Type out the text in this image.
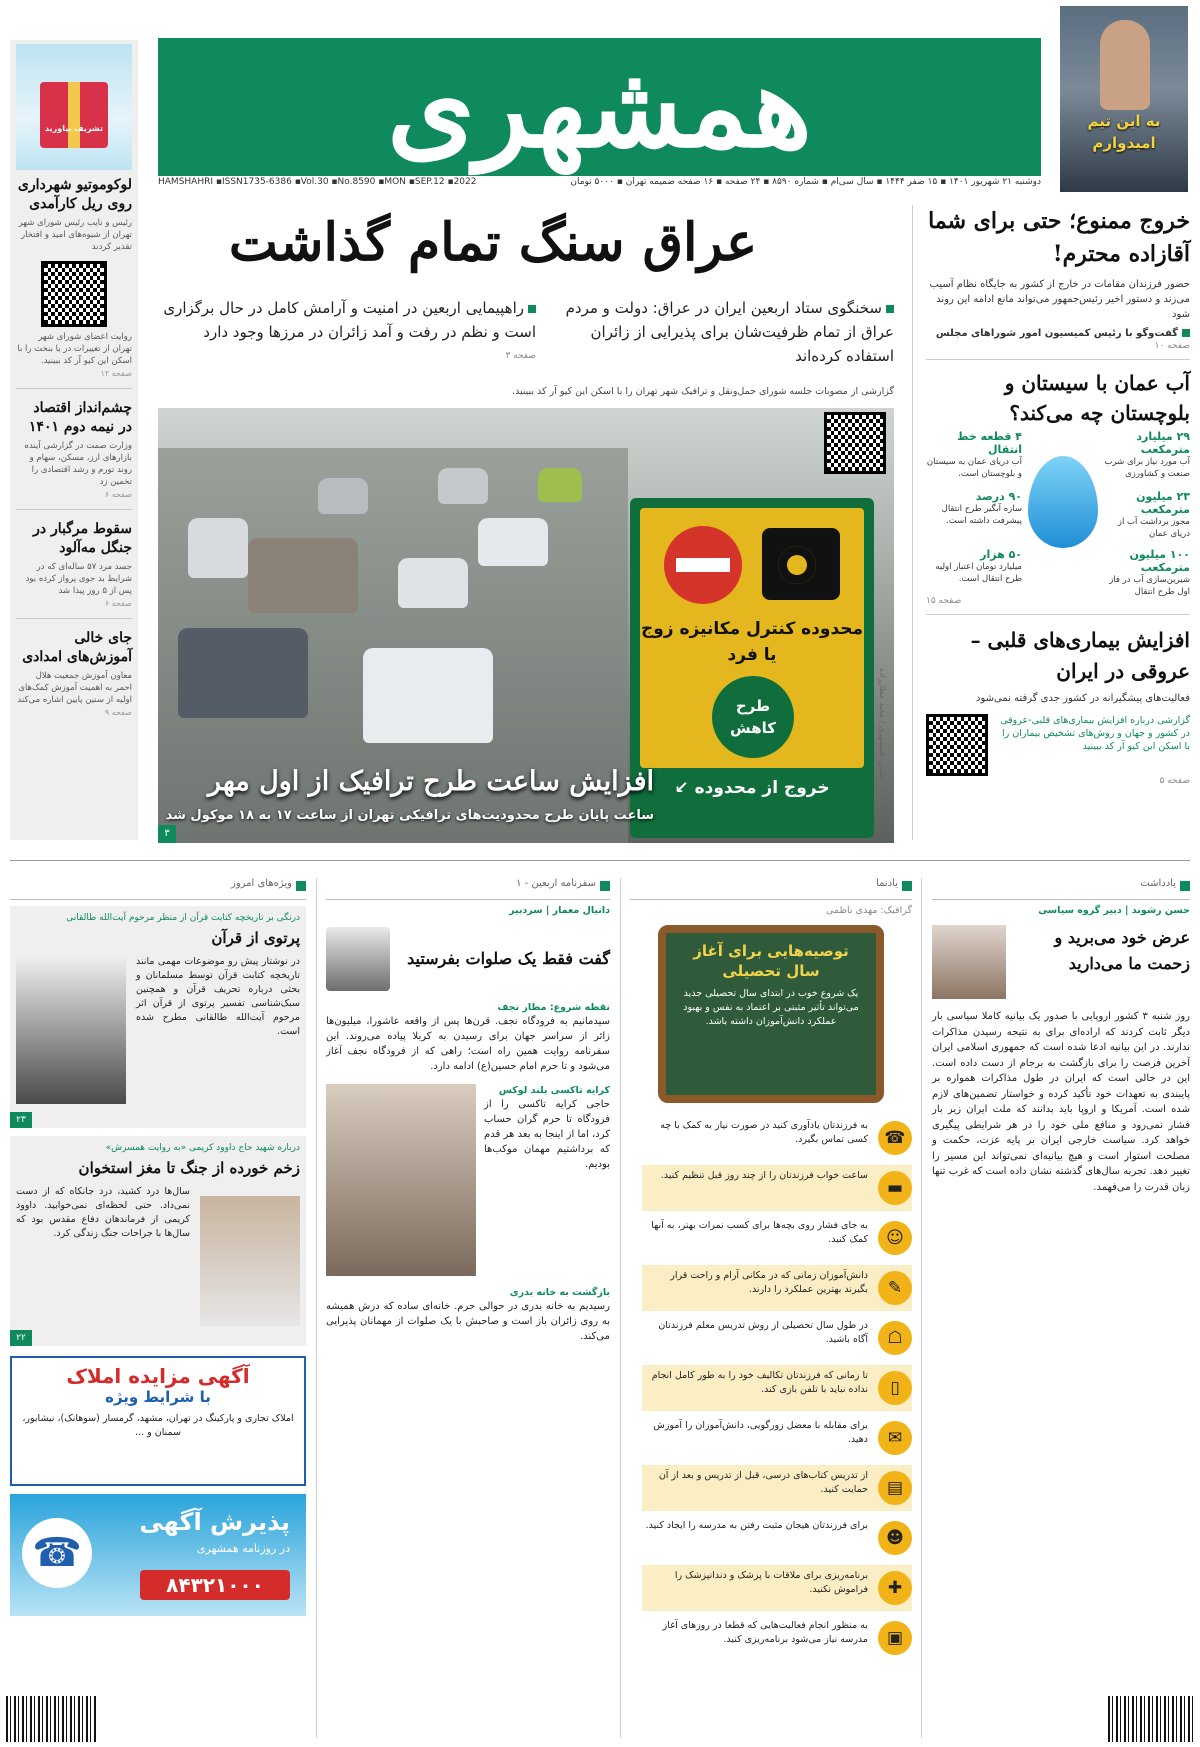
به این تیم امیدوارم
همشهری
HAMSHAHRI ▪ISSN1735-6386 ▪Vol.30 ▪No.8590 ▪MON ▪SEP.12 ▪2022	دوشنبه ۲۱ شهریور ۱۴۰۱ ▪ ۱۵ صفر ۱۴۴۴ ▪ سال سی‌ام ▪ شماره ۸۵۹۰ ▪ ۲۴ صفحه ▪ ۱۶ صفحه ضمیمه تهران ▪ ۵۰۰۰ تومان
تشریف بیاورید
لوکوموتیو شهرداری روی ریل کارآمدی
رئیس و نایب رئیس شورای شهر تهران از شیوه‌های امید و افتخار تقدیر کردند
روایت اعضای شورای شهر تهران از تغییرات در یا بنخت را با اسکن این کیو آر کد ببینید.
صفحه ۱۲
چشم‌انداز اقتصاد در نیمه دوم ۱۴۰۱
وزارت صمت در گزارشی آینده بازارهای ارز، مسکن، سهام و روند تورم و رشد اقتصادی را تخمین زد
صفحه ۶
سقوط مرگبار در جنگل مه‌آلود
جسد مرد ۵۷ ساله‌ای که در شرایط بد جوی پرواز کرده بود پس از ۵ روز پیدا شد
صفحه ۶
جای خالی آموزش‌های امدادی
معاون آموزش جمعیت هلال احمر به اهمیت آموزش کمک‌های اولیه از سنین پایین اشاره می‌کند
صفحه ۹
خروج ممنوع؛ حتی برای شما آقازاده محترم!
حضور فرزندان مقامات در خارج از کشور به جایگاه نظام آسیب می‌زند و دستور اخیر رئیس‌جمهور می‌تواند مانع ادامه این روند شود
گفت‌وگو با رئیس کمیسیون امور شوراهای مجلس
صفحه ۱۰
آب عمان با سیستان و بلوچستان چه می‌کند؟
۲۹ میلیارد مترمکعب
آب مورد نیاز برای شرب صنعت و کشاورزی
۴ قطعه خط انتقال
آب دریای عمان به سیستان و بلوچستان است.
۲۳ میلیون مترمکعب
مجوز برداشت آب از دریای عمان
۹۰ درصد
سازه آبگیر طرح انتقال پیشرفت داشته است.
۱۰۰ میلیون مترمکعب
شیرین‌سازی آب در فاز اول طرح انتقال
۵۰ هزار
میلیارد تومان اعتبار اولیه طرح انتقال است.
صفحه ۱۵
افزایش بیماری‌های قلبی – عروقی در ایران
فعالیت‌های پیشگیرانه در کشور جدی گرفته نمی‌شود
گزارشی درباره افزایش بیماری‌های قلبی-عروقی در کشور و جهان و روش‌های تشخیص بیماران را با اسکن این کیو آر کد ببینید
صفحه ۵
عراق سنگ تمام گذاشت
سخنگوی ستاد اربعین ایران در عراق: دولت و مردم عراق از تمام ظرفیت‌شان برای پذیرایی از زائران استفاده کرده‌اند
راهپیمایی اربعین در امنیت و آرامش کامل در حال برگزاری است و نظم در رفت و آمد زائران در مرزها وجود دارد
صفحه ۳
گزارشی از مصوبات جلسه شورای حمل‌ونقل و ترافیک شهر تهران را با اسکن این کیو آر کد ببینید.
محدوده کنترل مکانیزه زوج یا فرد
طرح کاهش
خروج از محدوده ↙
افزایش ساعت طرح ترافیک از اول مهر
ساعت پایان طرح محدودیت‌های ترافیکی تهران از ساعت ۱۷ به ۱۸ موکول شد
۳
عکس: همشهری / مجید عطارزاده
یادداشت
حسن رشوند | دبیر گروه سیاسی
عرض خود می‌برید و زحمت ما می‌دارید
روز شنبه ۳ کشور اروپایی با صدور یک بیانیه کاملا سیاسی بار دیگر ثابت کردند که اراده‌ای برای به نتیجه رسیدن مذاکرات ندارند. در این بیانیه ادعا شده است که جمهوری اسلامی ایران آخرین فرصت را برای بازگشت به برجام از دست داده است. این در حالی است که ایران در طول مذاکرات همواره بر پایبندی به تعهدات خود تأکید کرده و خواستار تضمین‌های لازم شده است. آمریکا و اروپا باید بدانند که ملت ایران زیر بار فشار نمی‌رود و منافع ملی خود را در هر شرایطی پیگیری خواهد کرد. سیاست خارجی ایران بر پایه عزت، حکمت و مصلحت استوار است و هیچ بیانیه‌ای نمی‌تواند این مسیر را تغییر دهد. تجربه سال‌های گذشته نشان داده است که غرب تنها زبان قدرت را می‌فهمد.
یادنما
گرافیک: مهدی ناظمی
توصیه‌هایی برای آغاز سال تحصیلی
یک شروع خوب در ابتدای سال تحصیلی جدید می‌تواند تأثیر مثبتی بر اعتماد به نفس و بهبود عملکرد دانش‌آموزان داشته باشد.
☎
به فرزندتان یادآوری کنید در صورت نیاز به کمک با چه کسی تماس بگیرد.
▬
ساعت خواب فرزندتان را از چند روز قبل تنظیم کنید.
☺
به جای فشار روی بچه‌ها برای کسب نمرات بهتر، به آنها کمک کنید.
✎
دانش‌آموزان زمانی که در مکانی آرام و راحت قرار بگیرند بهترین عملکرد را دارند.
☖
در طول سال تحصیلی از روش تدریس معلم فرزندتان آگاه باشید.
▯
تا زمانی که فرزندتان تکالیف خود را به طور کامل انجام نداده نباید با تلفن بازی کند.
✉
برای مقابله با معضل زورگویی، دانش‌آموزان را آموزش دهید.
▤
از تدریس کتاب‌های درسی، قبل از تدریس و بعد از آن حمایت کنید.
☻
برای فرزندتان هیجان مثبت رفتن به مدرسه را ایجاد کنید.
✚
برنامه‌ریزی برای ملاقات با پزشک و دندانپزشک را فراموش نکنید.
▣
به منظور انجام فعالیت‌هایی که قطعا در روزهای آغاز مدرسه نیاز می‌شود برنامه‌ریزی کنید.
سفرنامه اربعین - ۱
دانیال معمار | سردبیر
گفت فقط یک صلوات بفرستید
نقطه شروع: مطار نجف
سیدمانیم به فرودگاه نجف. قرن‌ها پس از واقعه عاشورا، میلیون‌ها زائر از سراسر جهان برای رسیدن به کربلا پیاده می‌روند. این سفرنامه روایت همین راه است؛ راهی که از فرودگاه نجف آغاز می‌شود و تا حرم امام حسین(ع) ادامه دارد.
کرایه تاکسی بلند لوکس
حاجی کرایه تاکسی را از فرودگاه تا حرم گران حساب کرد، اما از اینجا به بعد هر قدم که برداشتیم مهمان موکب‌ها بودیم.
بازگشت به خانه بدری
رسیدیم به خانه بدری در حوالی حرم. خانه‌ای ساده که درش همیشه به روی زائران باز است و صاحبش با یک صلوات از مهمانان پذیرایی می‌کند.
ویژه‌های امروز
درنگی بر تاریخچه کتابت قرآن از منظر مرحوم آیت‌الله طالقانی
پرتوی از قرآن
در نوشتار پیش رو موضوعات مهمی مانند تاریخچه کتابت قرآن توسط مسلمانان و بحثی درباره تحریف قرآن و همچنین سبک‌شناسی تفسیر پرتوی از قرآن اثر مرحوم آیت‌الله طالقانی مطرح شده است.
۲۳
درباره شهید حاج داوود کریمی «به روایت همسرش»
زخم خورده از جنگ تا مغز استخوان
سال‌ها درد کشید، درد جانکاه که از دست نمی‌داد. حتی لحظه‌ای نمی‌خوابید. داوود کریمی از فرماندهان دفاع مقدس بود که سال‌ها با جراحات جنگ زندگی کرد.
۲۲
آگهی مزایده املاک
با شرایط ویژه
املاک تجاری و پارکینگ در تهران، مشهد، گرمسار (سوهانک)، نیشابور، سمنان و ...
☎
پذیرش آگهی
در روزنامه همشهری
۸۴۳۲۱۰۰۰
